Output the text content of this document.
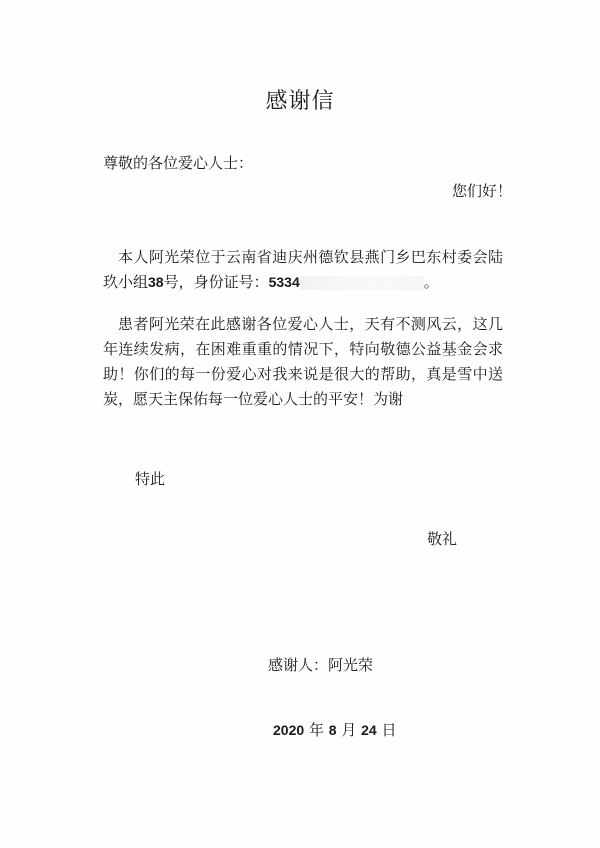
感谢信
尊敬的各位爱心人士：
您们好！

本人阿光荣位于云南省迪庆州德钦县燕门乡巴东村委会陆玖小组38号，身份证号：5334	。

患者阿光荣在此感谢各位爱心人士，天有不测风云，这几年连续发病，在困难重重的情况下，特向敬德公益基金会求助！你们的每一份爱心对我来说是很大的帮助，真是雪中送炭，愿天主保佑每一位爱心人士的平安！为谢

特此
敬礼
感谢人：阿光荣
2020 年 8 月 24 日
